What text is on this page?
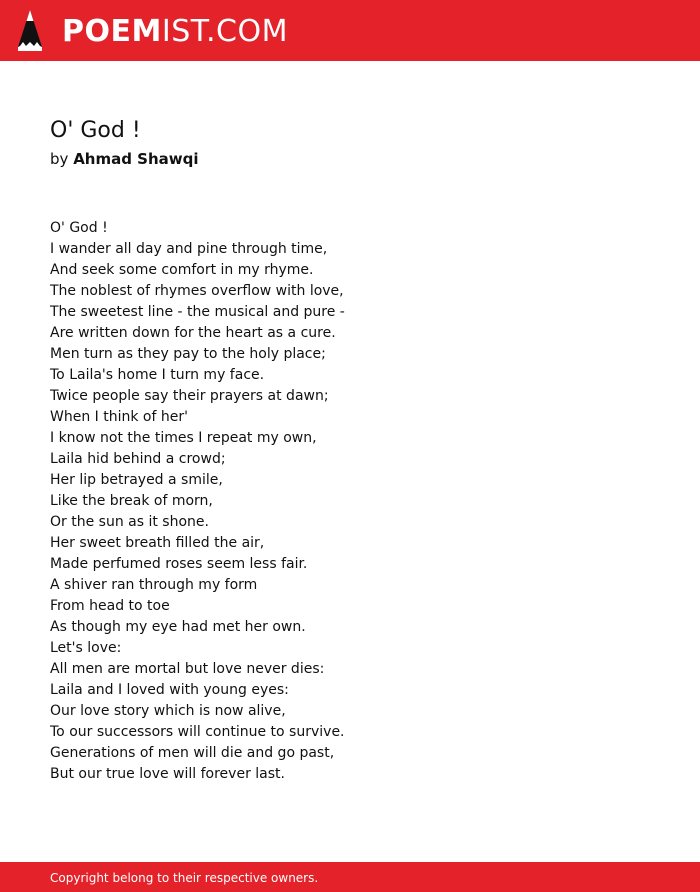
POEMIST.COM
O' God !
by Ahmad Shawqi
O' God !
I wander all day and pine through time,
And seek some comfort in my rhyme.
The noblest of rhymes overflow with love,
The sweetest line - the musical and pure -
Are written down for the heart as a cure.
Men turn as they pay to the holy place;
To Laila's home I turn my face.
Twice people say their prayers at dawn;
When I think of her'
I know not the times I repeat my own,
Laila hid behind a crowd;
Her lip betrayed a smile,
Like the break of morn,
Or the sun as it shone.
Her sweet breath filled the air,
Made perfumed roses seem less fair.
A shiver ran through my form
From head to toe
As though my eye had met her own.
Let's love:
All men are mortal but love never dies:
Laila and I loved with young eyes:
Our love story which is now alive,
To our successors will continue to survive.
Generations of men will die and go past,
But our true love will forever last.
Copyright belong to their respective owners.
